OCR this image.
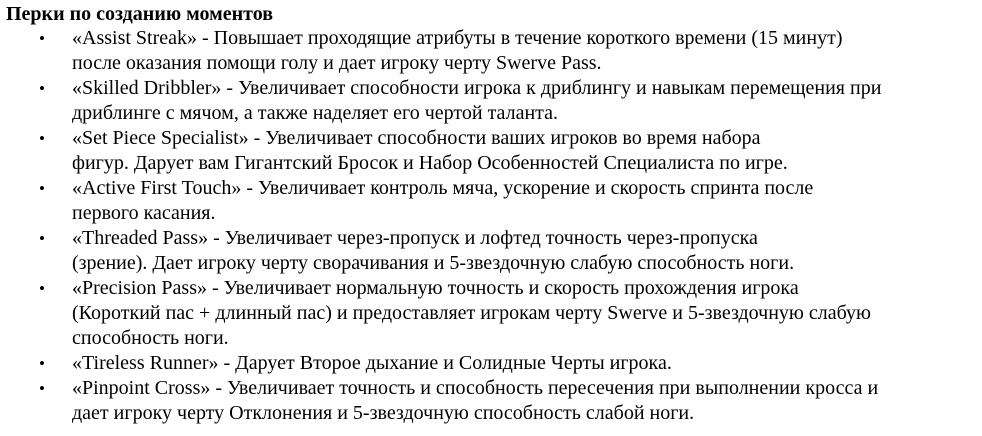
Перки по созданию моментов
• «Assist Streak» - Повышает проходящие атрибуты в течение короткого времени (15 минут)
после оказания помощи голу и дает игроку черту Swerve Pass.
• «Skilled Dribbler» - Увеличивает способности игрока к дриблингу и навыкам перемещения при
дриблинге с мячом, а также наделяет его чертой таланта.
• «Set Piece Specialist» - Увеличивает способности ваших игроков во время набора
фигур. Дарует вам Гигантский Бросок и Набор Особенностей Специалиста по игре.
• «Active First Touch» - Увеличивает контроль мяча, ускорение и скорость спринта после
первого касания.
• «Threaded Pass» - Увеличивает через-пропуск и лофтед точность через-пропуска
(зрение). Дает игроку черту сворачивания и 5-звездочную слабую способность ноги.
• «Precision Pass» - Увеличивает нормальную точность и скорость прохождения игрока
(Короткий пас + длинный пас) и предоставляет игрокам черту Swerve и 5-звездочную слабую
способность ноги.
• «Tireless Runner» - Дарует Второе дыхание и Солидные Черты игрока.
• «Pinpoint Cross» - Увеличивает точность и способность пересечения при выполнении кросса и
дает игроку черту Отклонения и 5-звездочную способность слабой ноги.
